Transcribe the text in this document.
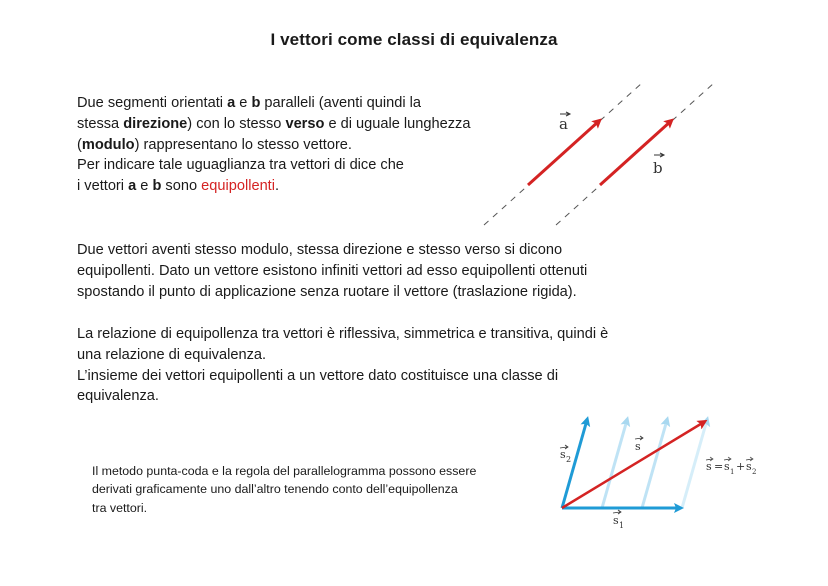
I vettori come classi di equivalenza
Due segmenti orientati a e b paralleli (aventi quindi la
stessa direzione) con lo stesso verso e di uguale lunghezza
(modulo) rappresentano lo stesso vettore.
Per indicare tale uguaglianza tra vettori di dice che
i vettori a e b sono equipollenti.
a
b
Due vettori aventi stesso modulo, stessa direzione e stesso verso si dicono
equipollenti. Dato un vettore esistono infiniti vettori ad esso equipollenti ottenuti
spostando il punto di applicazione senza ruotare il vettore (traslazione rigida).
La relazione di equipollenza tra vettori è riflessiva, simmetrica e transitiva, quindi è
una relazione di equivalenza.
L’insieme dei vettori equipollenti a un vettore dato costituisce una classe di
equivalenza.
Il metodo punta-coda e la regola del parallelogramma possono essere
derivati graficamente uno dall’altro tenendo conto dell’equipollenza
tra vettori.
s
s 2
s 1
s = s 1 + s 2
